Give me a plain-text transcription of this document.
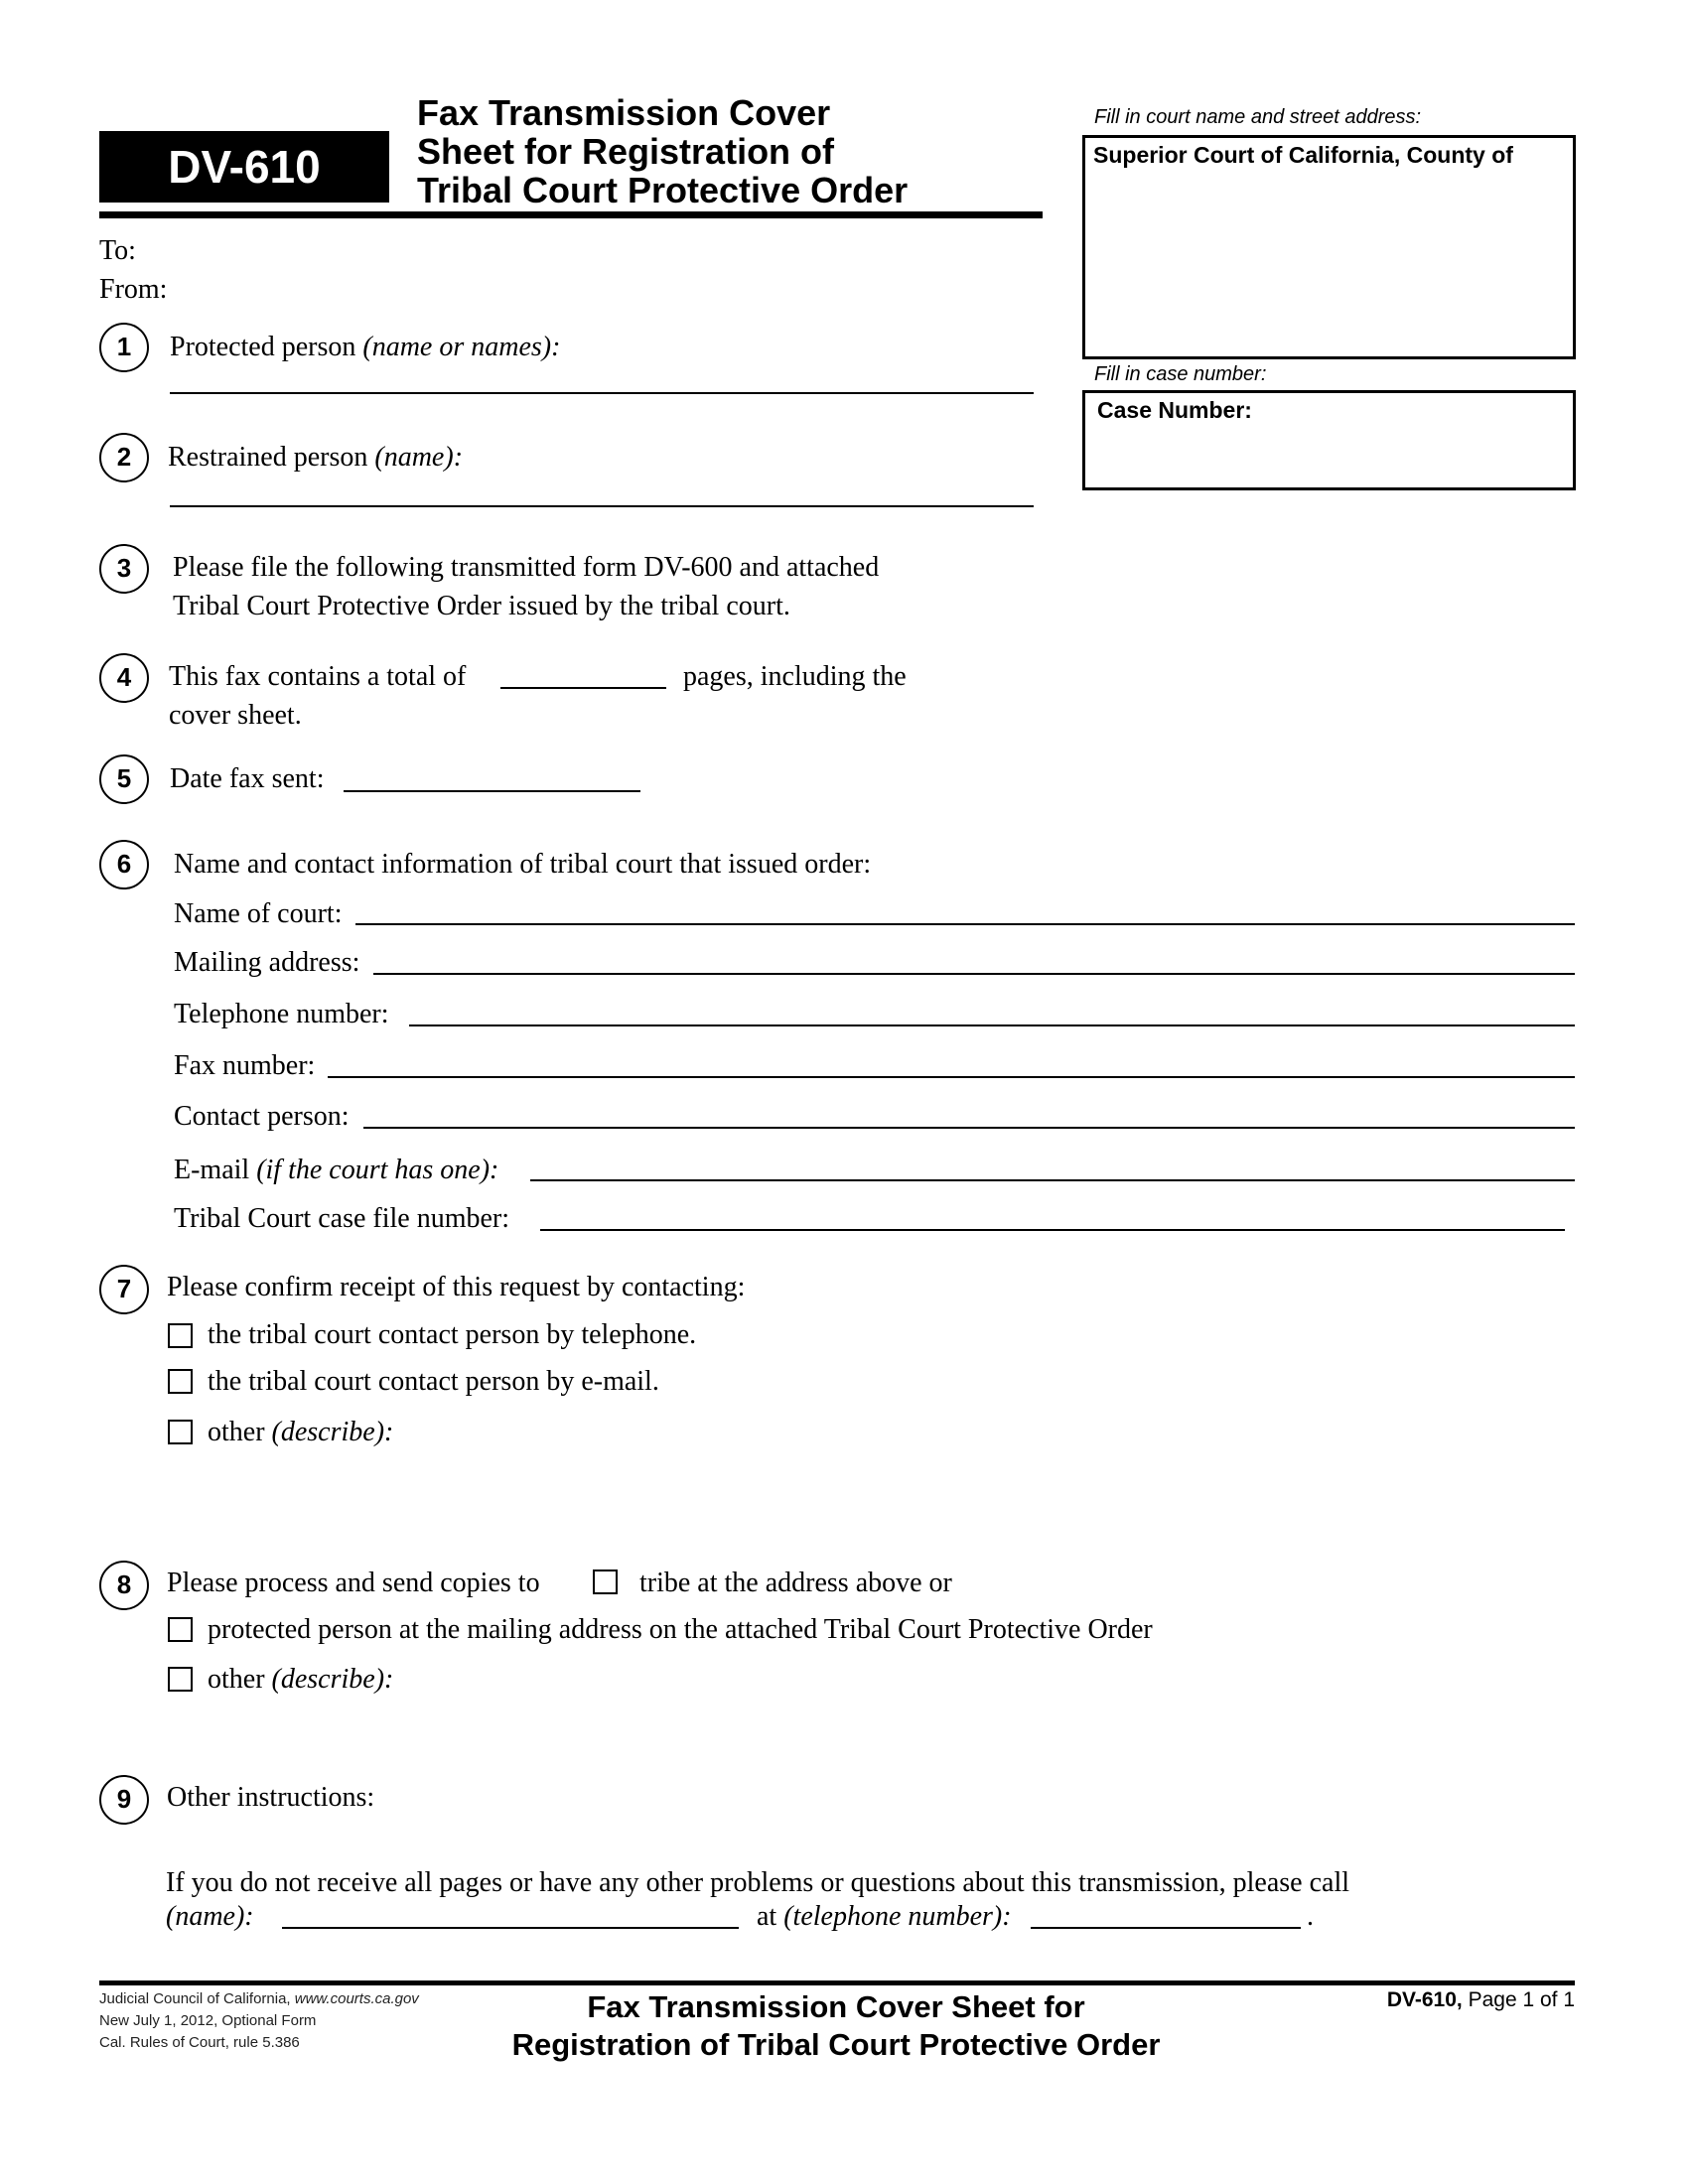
DV-610
Fax Transmission Cover
Sheet for Registration of
Tribal Court Protective Order
Fill in court name and street address:
Superior Court of California, County of
Fill in case number:
Case Number:
To:
From:
1	Protected person (name or names):
2	Restrained person (name):
3	Please file the following transmitted form DV-600 and attached
Tribal Court Protective Order issued by the tribal court.
4	This fax contains a total of	pages, including the
cover sheet.
5	Date fax sent:
6	Name and contact information of tribal court that issued order:
Name of court:
Mailing address:
Telephone number:
Fax number:
Contact person:
E-mail (if the court has one):
Tribal Court case file number:
7	Please confirm receipt of this request by contacting:
the tribal court contact person by telephone.
the tribal court contact person by e-mail.
other (describe):
8	Please process and send copies to	tribe at the address above or
protected person at the mailing address on the attached Tribal Court Protective Order
other (describe):
9	Other instructions:
If you do not receive all pages or have any other problems or questions about this transmission, please call
(name):	at (telephone number):	.
Judicial Council of California, www.courts.ca.gov
New July 1, 2012, Optional Form
Cal. Rules of Court, rule 5.386
Fax Transmission Cover Sheet for
Registration of Tribal Court Protective Order
DV-610, Page 1 of 1
